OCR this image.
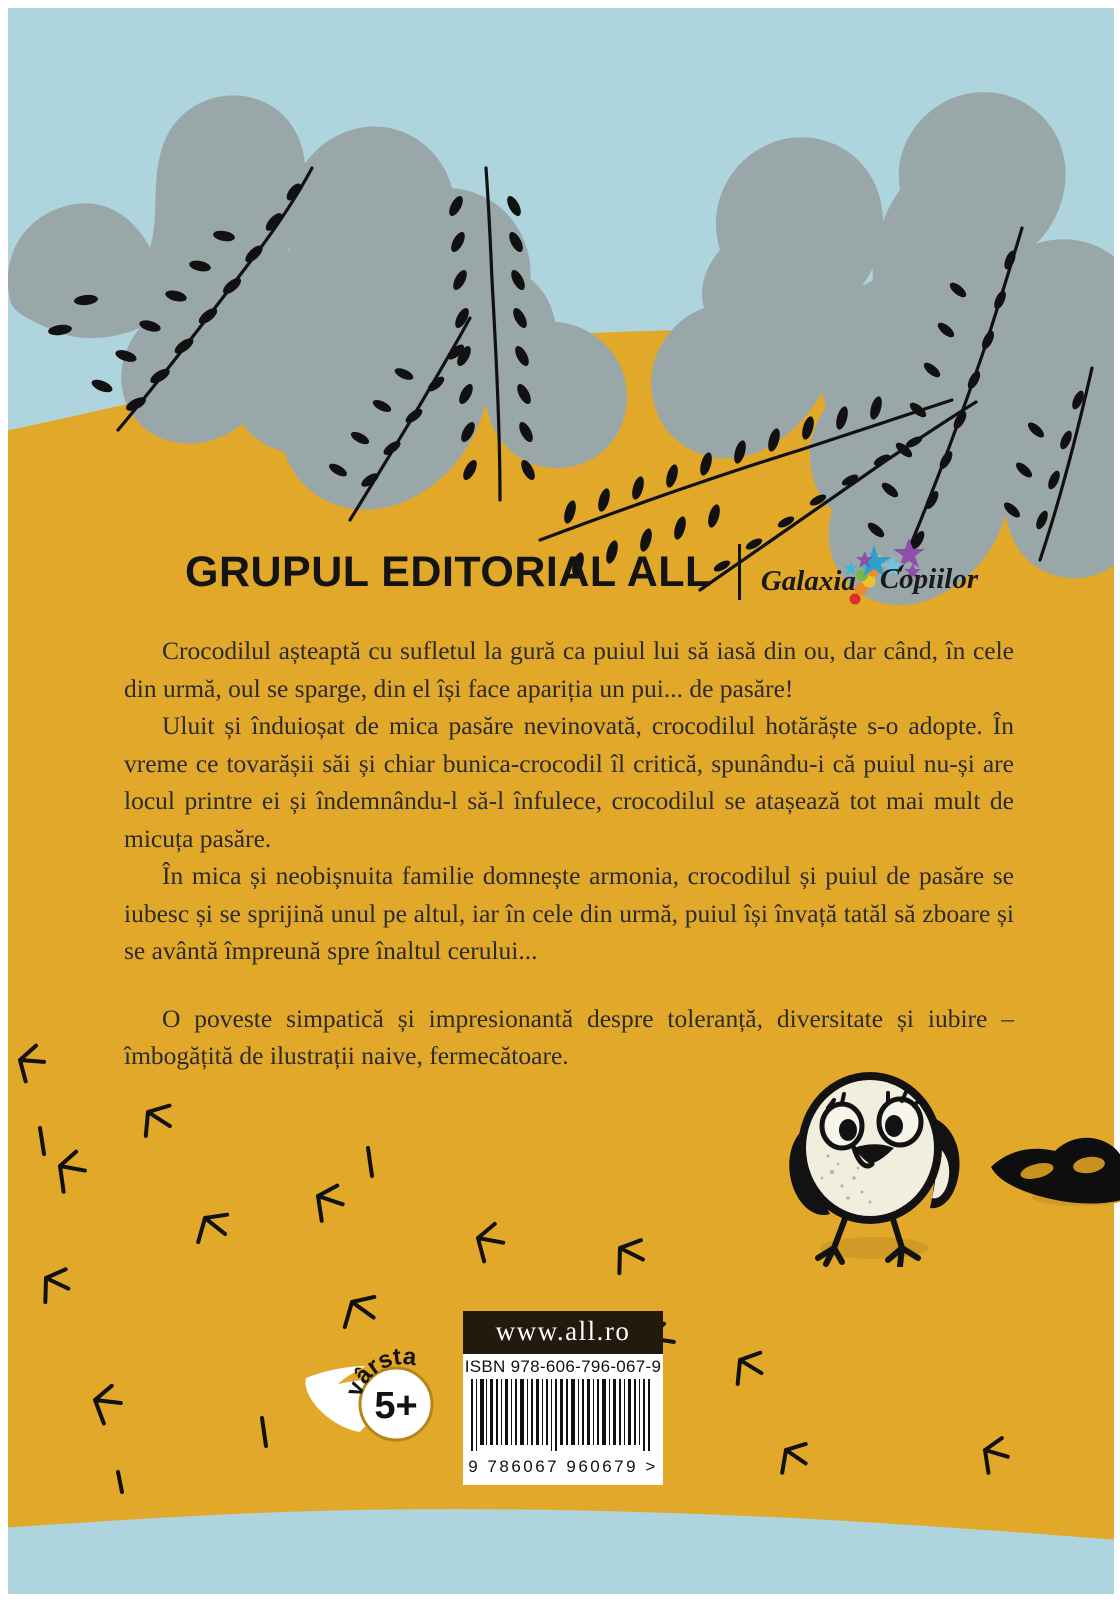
GRUPUL EDITORIAL ALL Galaxia Copiilor

Crocodilul așteaptă cu sufletul la gură ca puiul lui să iasă din ou, dar când, în cele din urmă, oul se sparge, din el își face apariția un pui... de pasăre!

Uluit și înduioșat de mica pasăre nevinovată, crocodilul hotărăște s-o adopte. În vreme ce tovarășii săi și chiar bunica-crocodil îl critică, spunându-i că puiul nu-și are locul printre ei și îndemnându-l să-l înfulece, crocodilul se atașează tot mai mult de micuța pasăre.

În mica și neobișnuita familie domnește armonia, crocodilul și puiul de pasăre se iubesc și se sprijină unul pe altul, iar în cele din urmă, puiul își învață tatăl să zboare și se avântă împreună spre înaltul cerului...

O poveste simpatică și impresionantă despre toleranță, diversitate și iubire – îmbogățită de ilustrații naive, fermecătoare.

vârsta
5+
www.all.ro
ISBN 978-606-796-067-9
9 786067 960679 >
